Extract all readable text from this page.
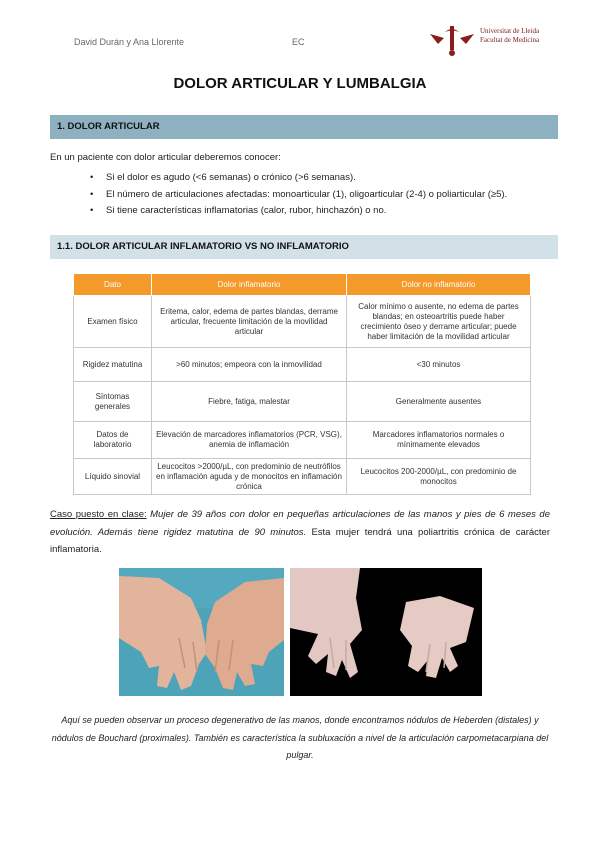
David Durán y Ana Llorente	EC
Universitat de Lleida
Facultat de Medicina
DOLOR ARTICULAR Y LUMBALGIA
1. DOLOR ARTICULAR
En un paciente con dolor articular deberemos conocer:
• Si el dolor es agudo (<6 semanas) o crónico (>6 semanas).
• El número de articulaciones afectadas: monoarticular (1), oligoarticular (2-4) o poliarticular (≥5).
• Si tiene características inflamatorias (calor, rubor, hinchazón) o no.
1.1. DOLOR ARTICULAR INFLAMATORIO VS NO INFLAMATORIO
Dato	Dolor inflamatorio	Dolor no inflamatorio
Examen físico	Eritema, calor, edema de partes blandas, derrame articular, frecuente limitación de la movilidad articular	Calor mínimo o ausente, no edema de partes blandas; en osteoartritis puede haber crecimiento óseo y derrame articular; puede haber limitación de la movilidad articular
Rigidez matutina	>60 minutos; empeora con la inmovilidad	<30 minutos
Síntomas generales	Fiebre, fatiga, malestar	Generalmente ausentes
Datos de laboratorio	Elevación de marcadores inflamatorios (PCR, VSG), anemia de inflamación	Marcadores inflamatorios normales o mínimamente elevados
Líquido sinovial	Leucocitos >2000/µL, con predominio de neutrófilos en inflamación aguda y de monocitos en inflamación crónica	Leucocitos 200-2000/µL, con predominio de monocitos
Caso puesto en clase: Mujer de 39 años con dolor en pequeñas articulaciones de las manos y pies de 6 meses de evolución. Además tiene rigidez matutina de 90 minutos. Esta mujer tendrá una poliartritis crónica de carácter inflamatoria.
Aquí se pueden observar un proceso degenerativo de las manos, donde encontramos nódulos de Heberden (distales) y nódulos de Bouchard (proximales). También es característica la subluxación a nivel de la articulación carpometacarpiana del pulgar.
